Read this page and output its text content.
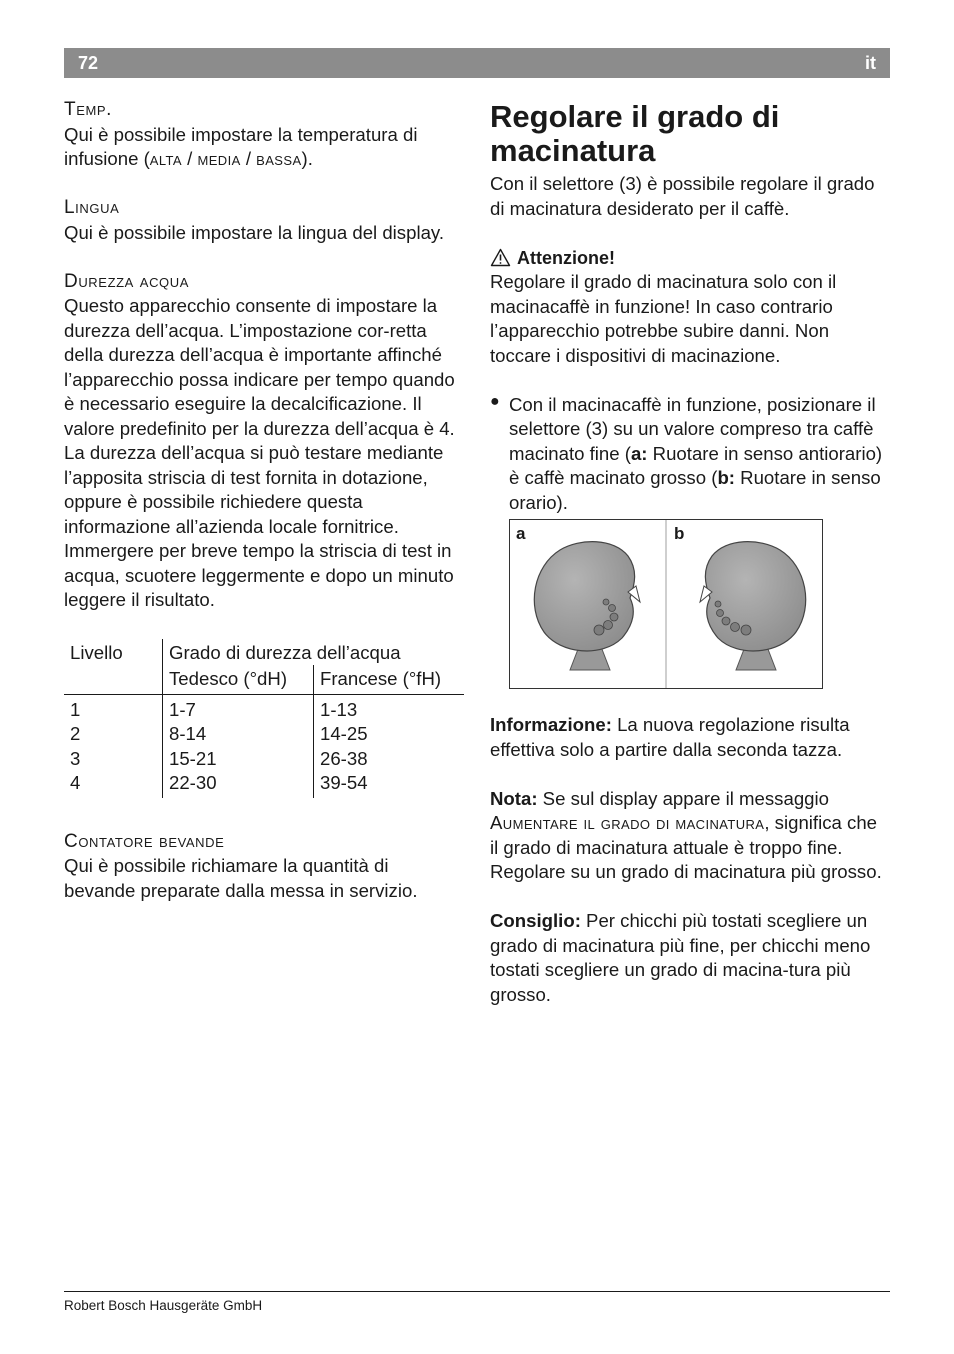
72	it
Temp.

Qui è possibile impostare la temperatura di infusione (alta / media / bassa).

Lingua

Qui è possibile impostare la lingua del display.

Durezza acqua

Questo apparecchio consente di impostare la durezza dell’acqua. L’impostazione cor-retta della durezza dell’acqua è importante affinché l’apparecchio possa indicare per tempo quando è necessario eseguire la decalcificazione. Il valore predefinito per la durezza dell’acqua è 4.

La durezza dell’acqua si può testare mediante l’apposita striscia di test fornita in dotazione, oppure è possibile richiedere questa informazione all’azienda locale fornitrice.

Immergere per breve tempo la striscia di test in acqua, scuotere leggermente e dopo un minuto leggere il risultato.

Livello	Grado di durezza dell’acqua	
	Tedesco (°dH)	Francese (°fH)

1	1-7	1-13
2	8-14	14-25
3	15-21	26-38
4	22-30	39-54
Contatore bevande

Qui è possibile richiamare la quantità di bevande preparate dalla messa in servizio.

Regolare il grado di macinatura

Con il selettore (3) è possibile regolare il grado di macinatura desiderato per il caffè.

Attenzione!

Regolare il grado di macinatura solo con il macinacaffè in funzione! In caso contrario l’apparecchio potrebbe subire danni. Non toccare i dispositivi di macinazione.

● Con il macinacaffè in funzione, posizionare il selettore (3) su un valore compreso tra caffè macinato fine (a: Ruotare in senso antiorario) è caffè macinato grosso (b: Ruotare in senso orario).

a	b

Informazione: La nuova regolazione risulta effettiva solo a partire dalla seconda tazza.

Nota: Se sul display appare il messaggio
Aumentare il grado di macinatura, significa che il grado di macinatura attuale è troppo fine. Regolare su un grado di macinatura più grosso.

Consiglio: Per chicchi più tostati scegliere un grado di macinatura più fine, per chicchi meno tostati scegliere un grado di macina-tura più grosso.

Robert Bosch Hausgeräte GmbH
